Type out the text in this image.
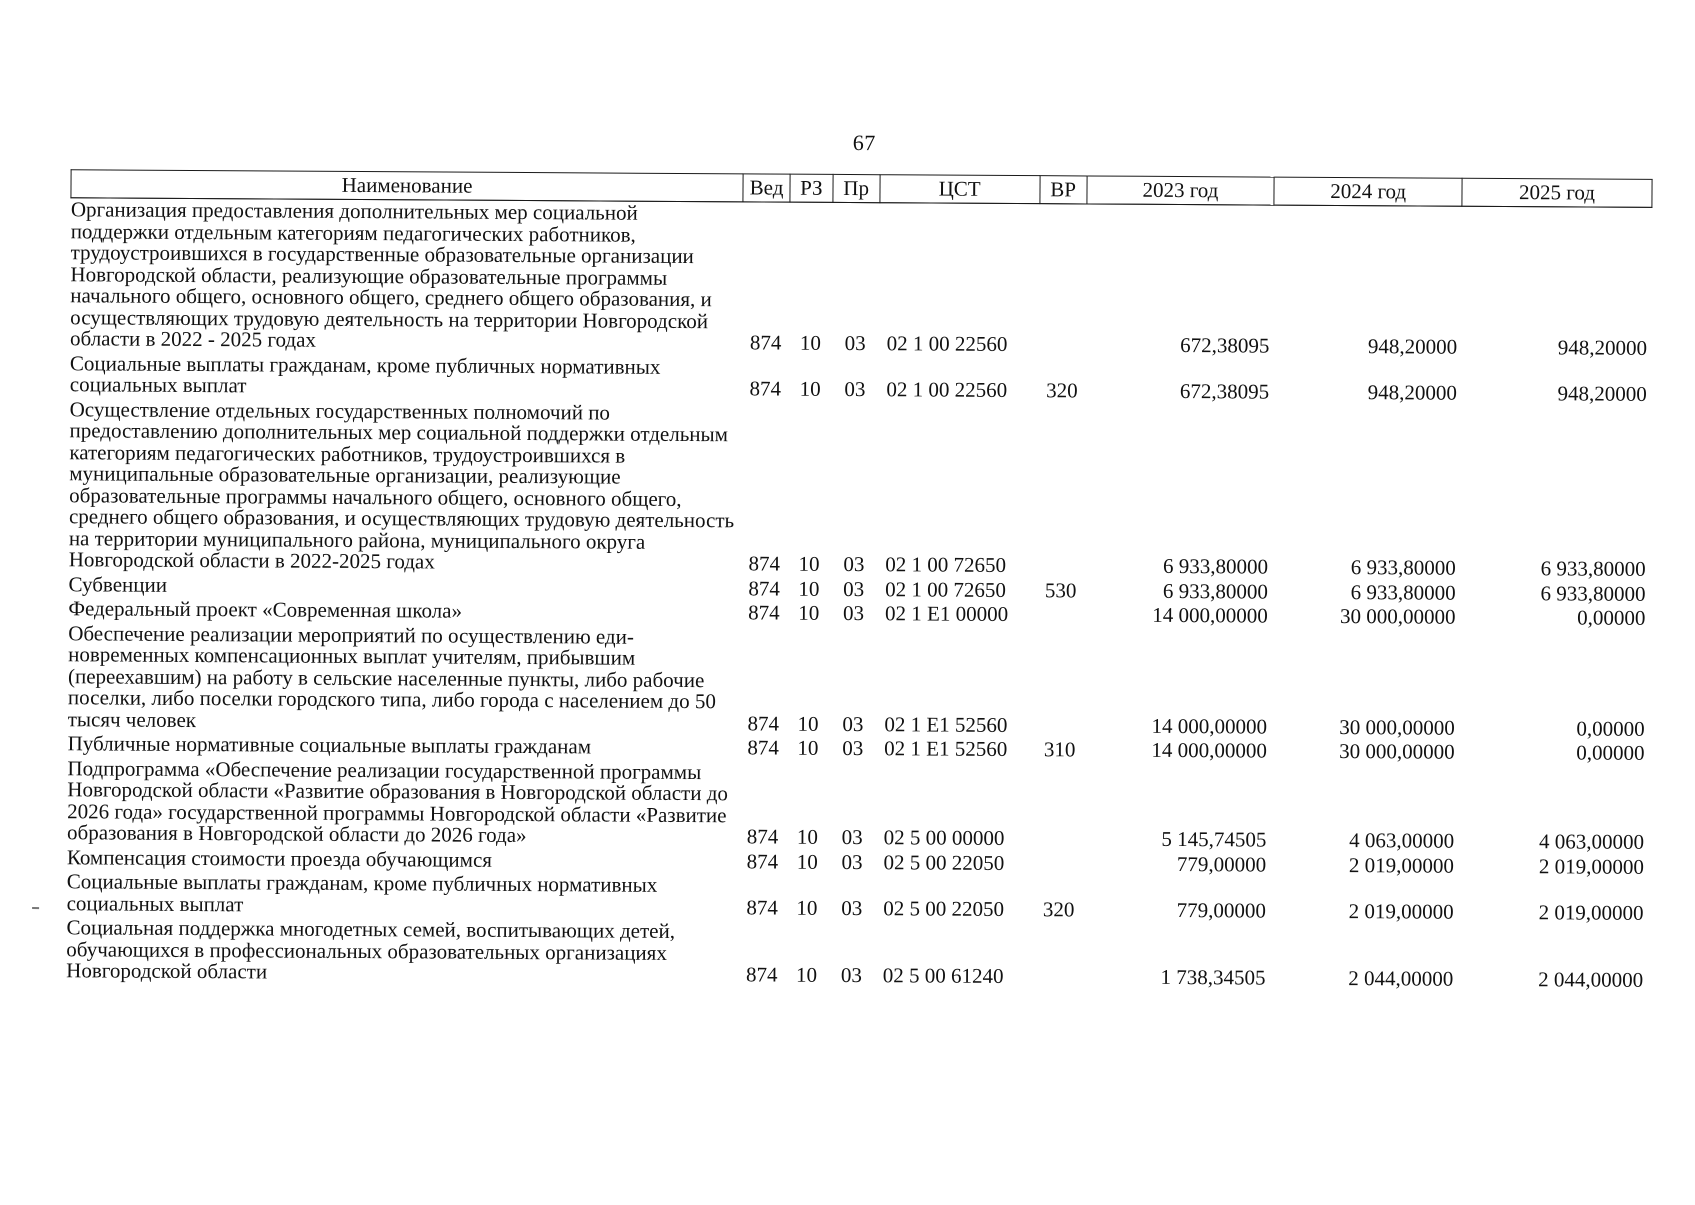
67
Наименование	Вед	РЗ	Пр	ЦСТ	ВР	2023 год	2024 год	2025 год
Организация предоставления дополнительных мер социальной поддержки отдельным категориям педагогических работников, трудоустроившихся в государственные образовательные организации Новгородской области, реализующие образовательные программы начального общего, основного общего, среднего общего образования, и осуществляющих трудовую деятельность на территории Новгородской области в 2022 - 2025 годах	874	10	03	02 1 00 22560		672,38095	948,20000	948,20000
Социальные выплаты гражданам, кроме публичных нормативных социальных выплат	874	10	03	02 1 00 22560	320	672,38095	948,20000	948,20000
Осуществление отдельных государственных полномочий по предоставлению дополнительных мер социальной поддержки отдельным категориям педагогических работников, трудоустроившихся в муниципальные образовательные организации, реализующие образовательные программы начального общего, основного общего, среднего общего образования, и осуществляющих трудовую деятельность на территории муниципального района, муниципального округа Новгородской области в 2022-2025 годах	874	10	03	02 1 00 72650		6 933,80000	6 933,80000	6 933,80000
Субвенции	874	10	03	02 1 00 72650	530	6 933,80000	6 933,80000	6 933,80000
Федеральный проект «Современная школа»	874	10	03	02 1 E1 00000		14 000,00000	30 000,00000	0,00000
Обеспечение реализации мероприятий по осуществлению единовременных компенсационных выплат учителям, прибывшим (переехавшим) на работу в сельские населенные пункты, либо рабочие поселки, либо поселки городского типа, либо города с населением до 50 тысяч человек	874	10	03	02 1 E1 52560		14 000,00000	30 000,00000	0,00000
Публичные нормативные социальные выплаты гражданам	874	10	03	02 1 E1 52560	310	14 000,00000	30 000,00000	0,00000
Подпрограмма «Обеспечение реализации государственной программы Новгородской области «Развитие образования в Новгородской области до 2026 года» государственной программы Новгородской области «Развитие образования в Новгородской области до 2026 года»	874	10	03	02 5 00 00000		5 145,74505	4 063,00000	4 063,00000
Компенсация стоимости проезда обучающимся	874	10	03	02 5 00 22050		779,00000	2 019,00000	2 019,00000
Социальные выплаты гражданам, кроме публичных нормативных социальных выплат	874	10	03	02 5 00 22050	320	779,00000	2 019,00000	2 019,00000
Социальная поддержка многодетных семей, воспитывающих детей, обучающихся в профессиональных образовательных организациях Новгородской области	874	10	03	02 5 00 61240		1 738,34505	2 044,00000	2 044,00000
